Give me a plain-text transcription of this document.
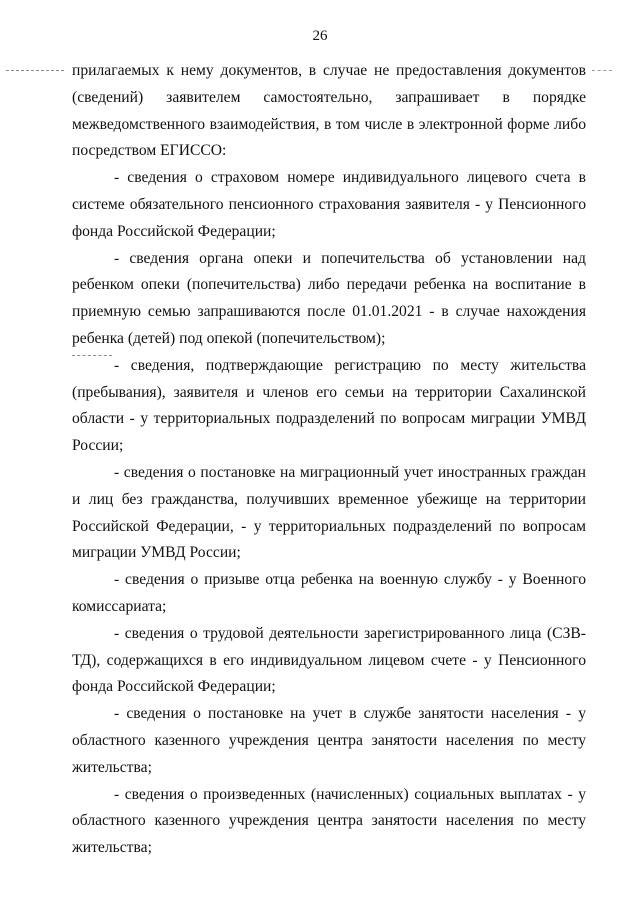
26

прилагаемых к нему документов, в случае не предоставления документов (сведений) заявителем самостоятельно, запрашивает в порядке межведомственного взаимодействия, в том числе в электронной форме либо посредством ЕГИССО:

- сведения о страховом номере индивидуального лицевого счета в системе обязательного пенсионного страхования заявителя - у Пенсионного фонда Российской Федерации;

- сведения органа опеки и попечительства об установлении над ребенком опеки (попечительства) либо передачи ребенка на воспитание в приемную семью запрашиваются после 01.01.2021 - в случае нахождения ребенка (детей) под опекой (попечительством);

- сведения, подтверждающие регистрацию по месту жительства (пребывания), заявителя и членов его семьи на территории Сахалинской области - у территориальных подразделений по вопросам миграции УМВД России;

- сведения о постановке на миграционный учет иностранных граждан и лиц без гражданства, получивших временное убежище на территории Российской Федерации, - у территориальных подразделений по вопросам миграции УМВД России;

- сведения о призыве отца ребенка на военную службу - у Военного комиссариата;

- сведения о трудовой деятельности зарегистрированного лица (СЗВ-ТД), содержащихся в его индивидуальном лицевом счете - у Пенсионного фонда Российской Федерации;

- сведения о постановке на учет в службе занятости населения - у областного казенного учреждения центра занятости населения по месту жительства;

- сведения о произведенных (начисленных) социальных выплатах - у областного казенного учреждения центра занятости населения по месту жительства;
